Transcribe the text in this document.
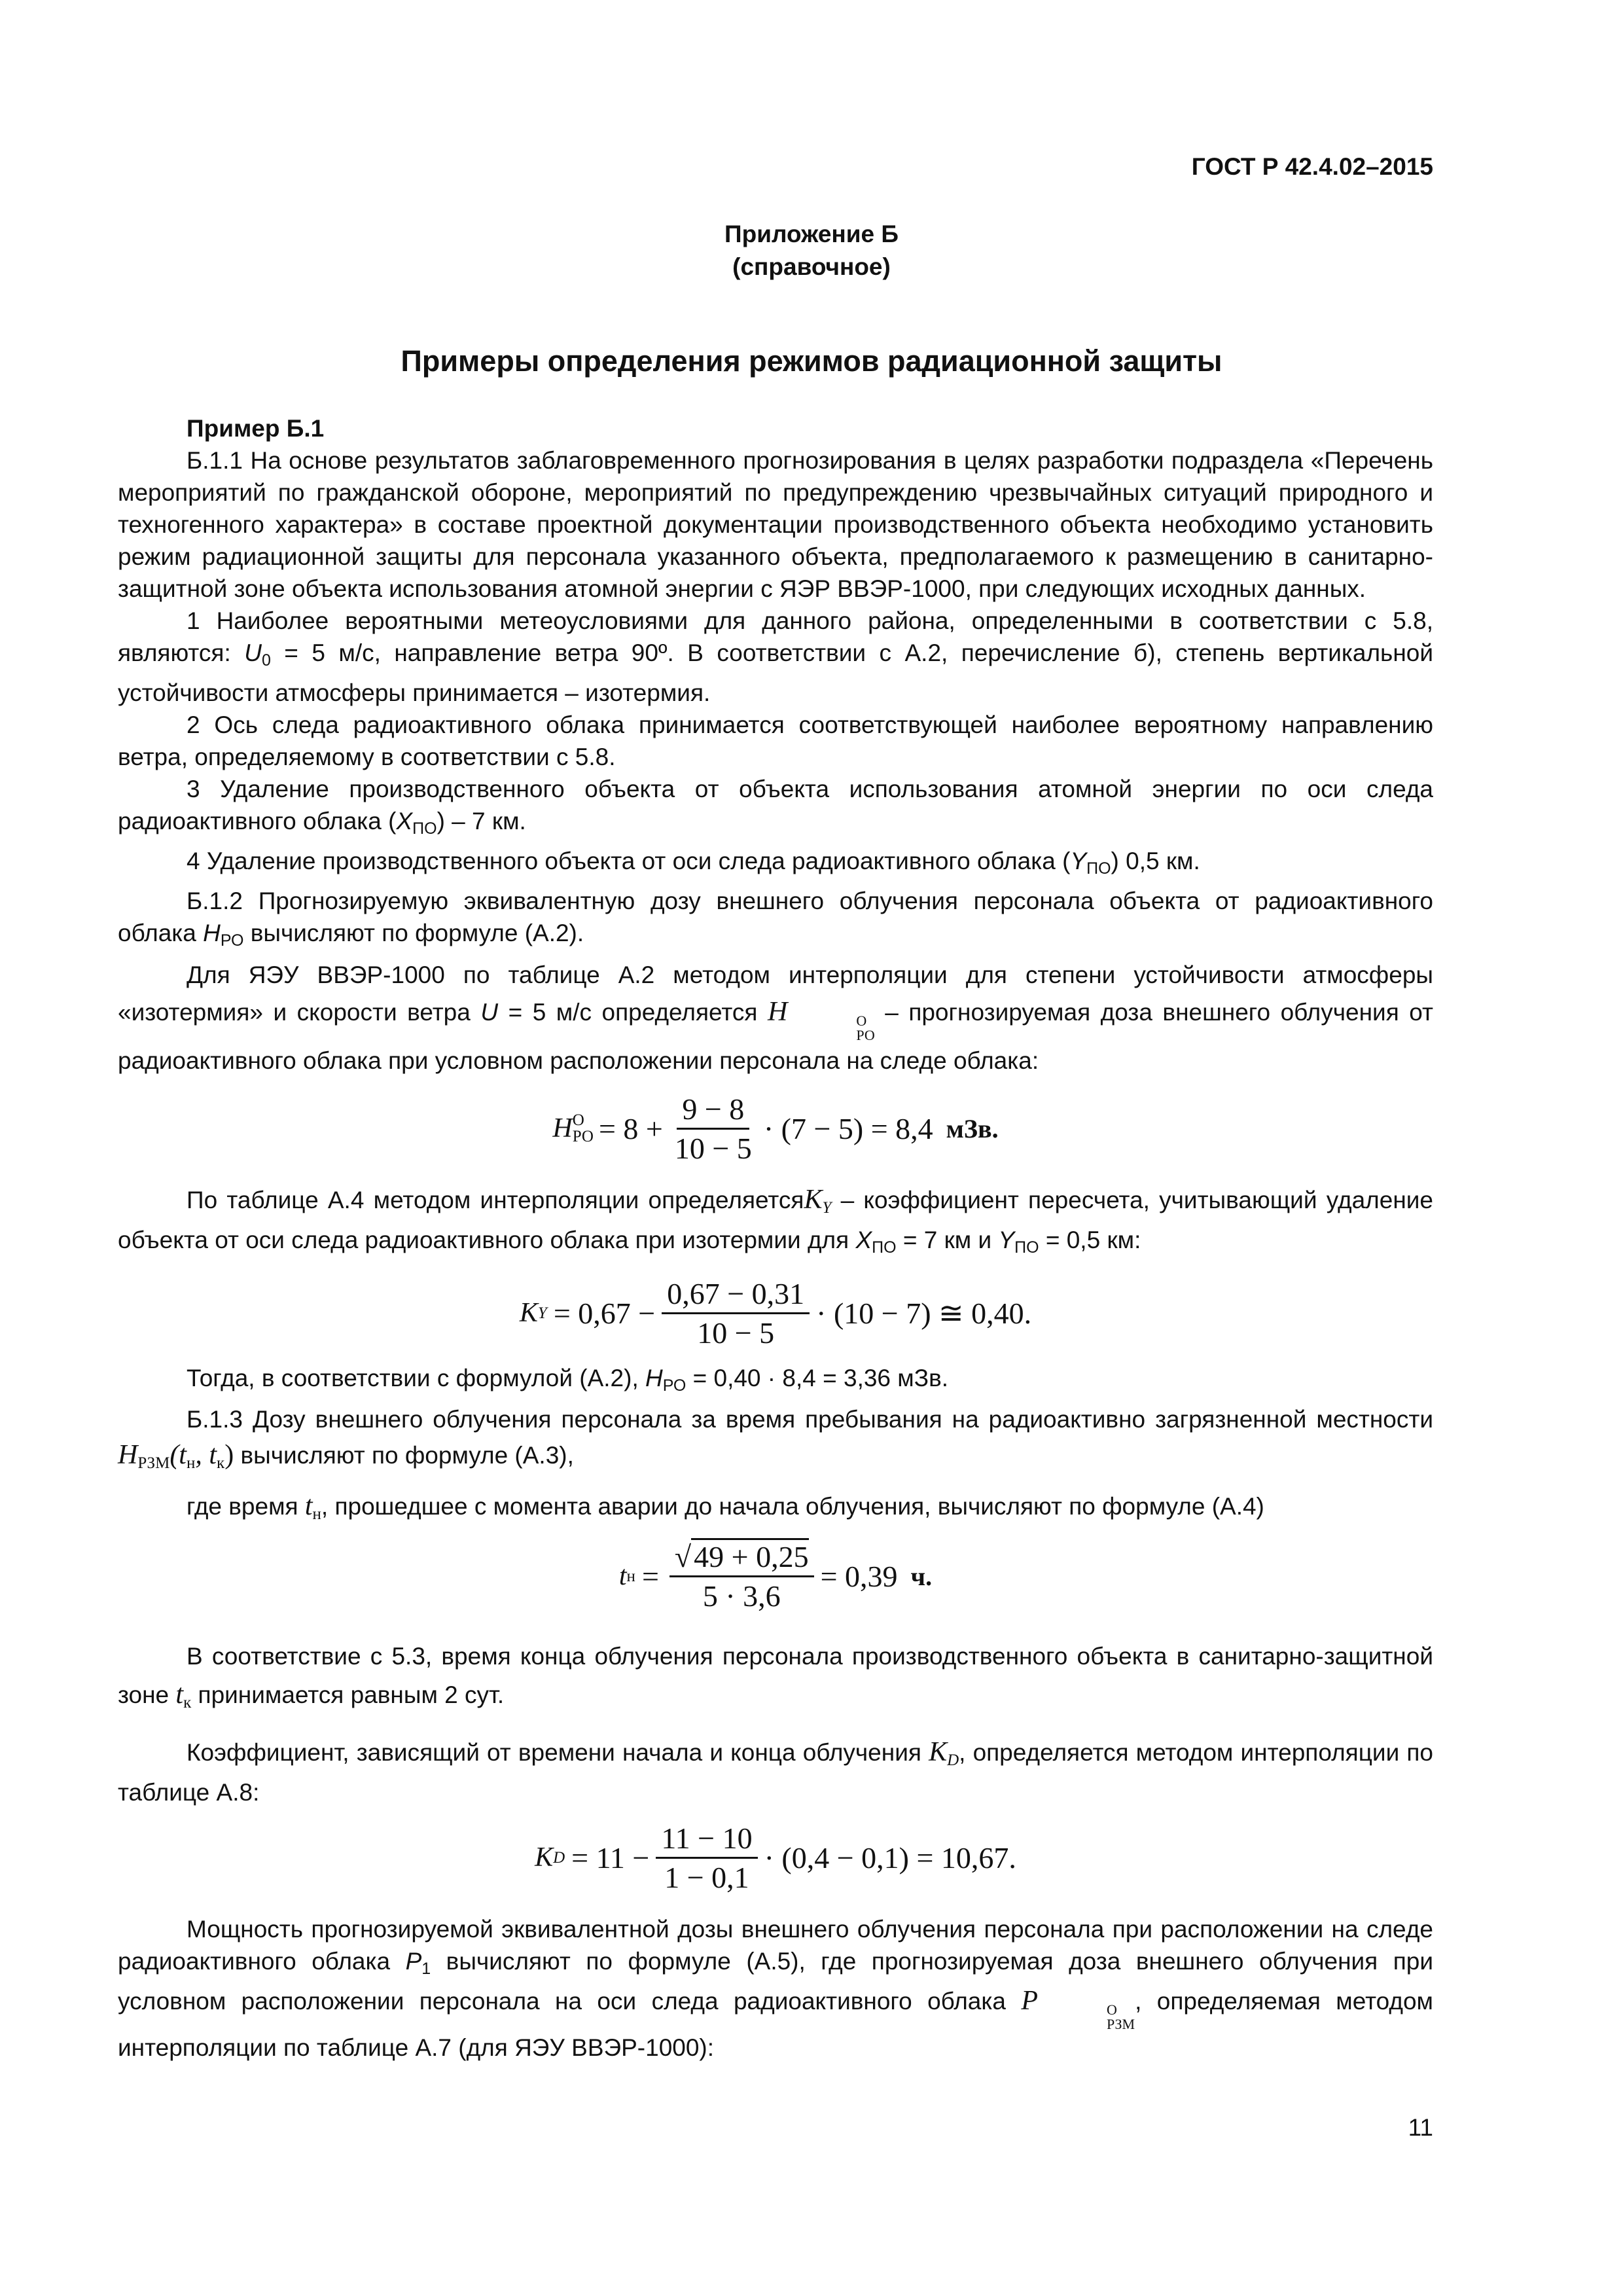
ГОСТ Р 42.4.02–2015
Приложение Б
(справочное)
Примеры определения режимов радиационной защиты

Пример Б.1

Б.1.1 На основе результатов заблаговременного прогнозирования в целях разработки подраздела «Перечень мероприятий по гражданской обороне, мероприятий по предупреждению чрезвычайных ситуаций природного и техногенного характера» в составе проектной документации производственного объекта необходимо установить режим радиационной защиты для персонала указанного объекта, предполагаемого к размещению в санитарно-защитной зоне объекта использования атомной энергии с ЯЭР ВВЭР-1000, при следующих исходных данных.

1 Наиболее вероятными метеоусловиями для данного района, определенными в соответствии с 5.8, являются: $U_0 = 5$ м/с, направление ветра 90º. В соответствии с А.2, перечисление б), степень вертикальной устойчивости атмосферы принимается – изотермия.

2 Ось следа радиоактивного облака принимается соответствующей наиболее вероятному направлению ветра, определяемому в соответствии с 5.8.

3 Удаление производственного объекта от объекта использования атомной энергии по оси следа радиоактивного облака $(X_{ПО}) - 7$ км.

4 Удаление производственного объекта от оси следа радиоактивного облака $(Y_{ПО})$ 0,5 км.

Б.1.2 Прогнозируемую эквивалентную дозу внешнего облучения персонала объекта от радиоактивного облака $H_{РО}$ вычисляют по формуле (А.2).

Для ЯЭУ ВВЭР-1000 по таблице А.2 методом интерполяции для степени устойчивости атмосферы «изотермия» и скорости ветра U = 5 м/с определяется H	О
РО
– прогнозируемая доза внешнего облучения от радиоактивного облака при условном расположении персонала на следе облака:

H О
РО = $8 + \frac{9 - 8}{10 - 5} \cdot (7 - 5) = 8,4$ мЗв.

По таблице А.4 методом интерполяции определяетсяK$_Y$ – коэффициент пересчета, учитывающий удаление объекта от оси следа радиоактивного облака при изотермии для $X_{ПО} = 7$ км и $Y_{ПО} = 0,5$ км:

K $Y = 0,67 - \frac{0,67 - 0,31}{10 - 5} \cdot (10 - 7)$ ≅ 0,40.

Тогда, в соответствии с формулой (А.2), $H_{РО} = 0,40 \cdot 8,4 = 3,36$ мЗв.

Б.1.3 Дозу внешнего облучения персонала за время пребывания на радиоактивно загрязненной местности $H_{РЗМ}(t_н$, $t_к$) вычисляют по формуле (А.3),

где время $t_н$, прошедшее с момента аварии до начала облучения, вычисляют по формуле (А.4)

t $н = \frac{√49 + 0,25}{5 \cdot 3,6} = 0,39$ ч.

В соответствие с 5.3, время конца облучения персонала производственного объекта в санитарно-защитной зоне $t_к$ принимается равным 2 сут.

Коэффициент, зависящий от времени начала и конца облучения $K_D$, определяется методом интерполяции по таблице А.8:

K $D = 11 - \frac{11 - 10}{1 - 0,1} \cdot (0,4 - 0,1) = 10,67$.

Мощность прогнозируемой эквивалентной дозы внешнего облучения персонала при расположении на следе радиоактивного облака $P_1$ вычисляют по формуле (А.5), где прогнозируемая доза внешнего облучения при условном расположении персонала на оси следа радиоактивного облака P	О
РЗМ
, определяемая методом интерполяции по таблице А.7 (для ЯЭУ ВВЭР-1000):

11
